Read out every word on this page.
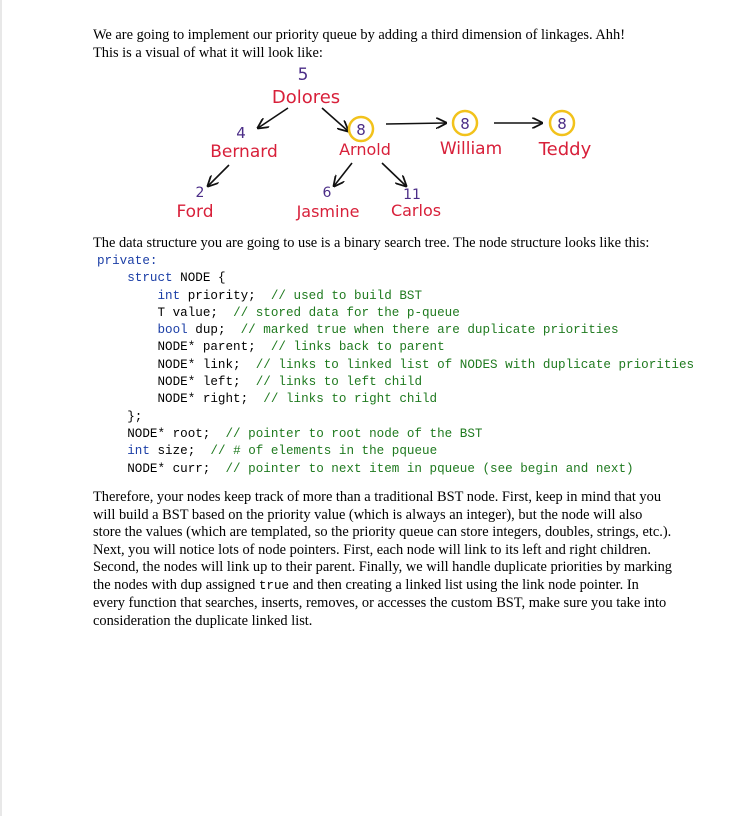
We are going to implement our priority queue by adding a third dimension of linkages. Ahh!
This is a visual of what it will look like:

5
4
2
8
6	11
8	8
Dolores
Bernard
Ford
Arnold
Jasmine Carlos
William Teddy

The data structure you are going to use is a binary search tree. The node structure looks like this:

private:
struct NODE {
int priority; // used to build BST
T value; // stored data for the p-queue
bool dup; // marked true when there are duplicate priorities
NODE* parent; // links back to parent
NODE* link; // links to linked list of NODES with duplicate priorities
NODE* left; // links to left child
NODE* right; // links to right child
};
NODE* root; // pointer to root node of the BST
int size; // # of elements in the pqueue
NODE* curr; // pointer to next item in pqueue (see begin and next)

Therefore, your nodes keep track of more than a traditional BST node. First, keep in mind that you will build a BST based on the priority value (which is always an integer), but the node will also store the values (which are templated, so the priority queue can store integers, doubles, strings, etc.). Next, you will notice lots of node pointers. First, each node will link to its left and right children. Second, the nodes will link up to their parent. Finally, we will handle duplicate priorities by marking the nodes with dup assigned true and then creating a linked list using the link node pointer. In every function that searches, inserts, removes, or accesses the custom BST, make sure you take into consideration the duplicate linked list.
